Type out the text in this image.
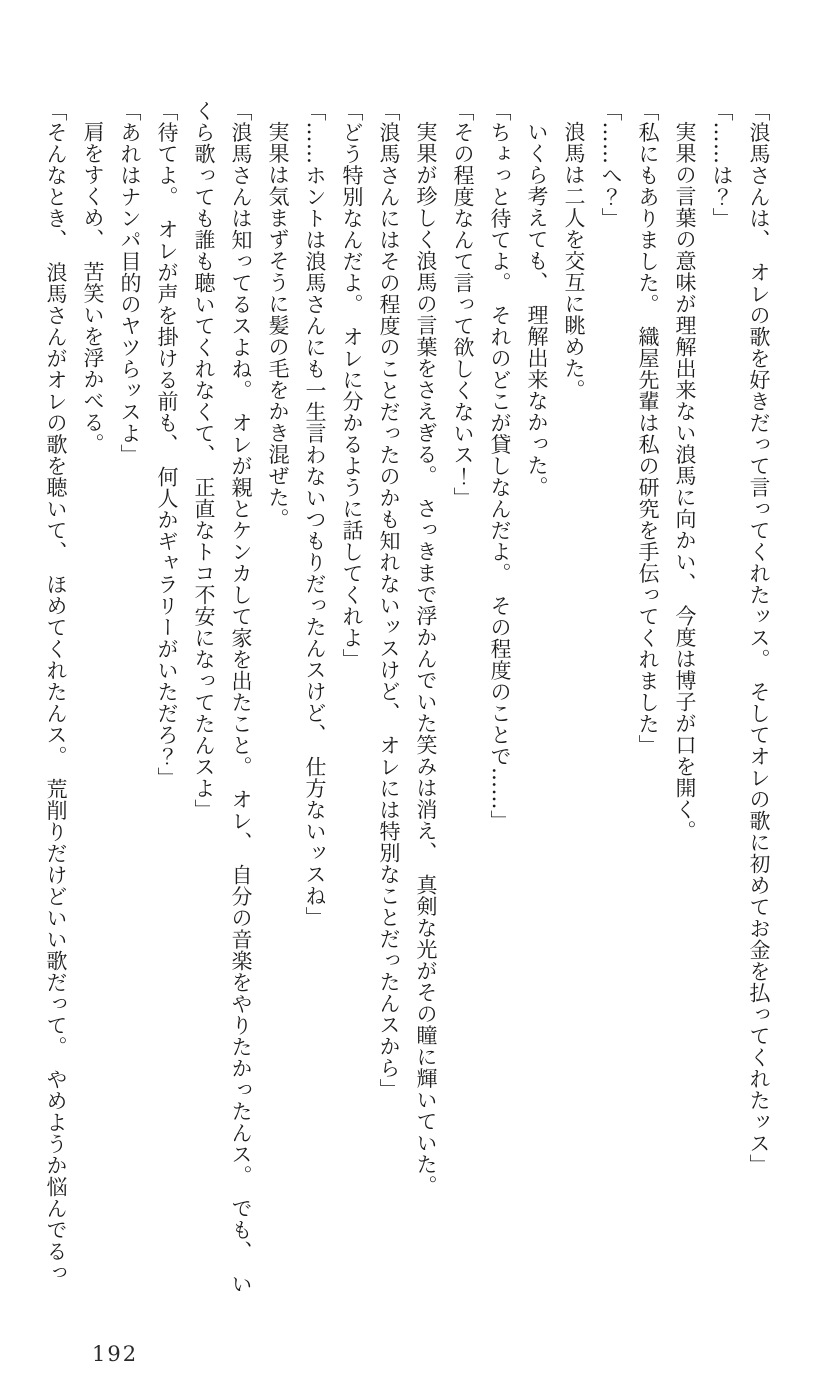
「浪馬さんは、　オレの歌を好きだって言ってくれたッス。　そしてオレの歌に初めてお金を払ってくれたッス」

「……は？」

実果の言葉の意味が理解出来ない浪馬に向かい、　今度は博子が口を開く。

「私にもありました。　織屋先輩は私の研究を手伝ってくれました」

「……へ？」

浪馬は二人を交互に眺めた。

いくら考えても、　理解出来なかった。

「ちょっと待てよ。　それのどこが貸しなんだよ。　その程度のことで……」

「その程度なんて言って欲しくないス！」

実果が珍しく浪馬の言葉をさえぎる。　さっきまで浮かんでいた笑みは消え、　真剣な光がその瞳に輝いていた。

「浪馬さんにはその程度のことだったのかも知れないッスけど、　オレには特別なことだったんスから」

「どう特別なんだよ。　オレに分かるように話してくれよ」

「……ホントは浪馬さんにも一生言わないつもりだったんスけど、　仕方ないッスね」

実果は気まずそうに髪の毛をかき混ぜた。

「浪馬さんは知ってるスよね。　オレが親とケンカして家を出たこと。　オレ、　自分の音楽をやりたかったんス。　でも、　い

くら歌っても誰も聴いてくれなくて、　正直なトコ不安になってたんスよ」

「待てよ。　オレが声を掛ける前も、　何人かギャラリーがいただろ？」

「あれはナンパ目的のヤツらッスよ」

肩をすくめ、　苦笑いを浮かべる。

「そんなとき、　浪馬さんがオレの歌を聴いて、　ほめてくれたんス。　荒削りだけどいい歌だって。　やめようか悩んでるっ

192
